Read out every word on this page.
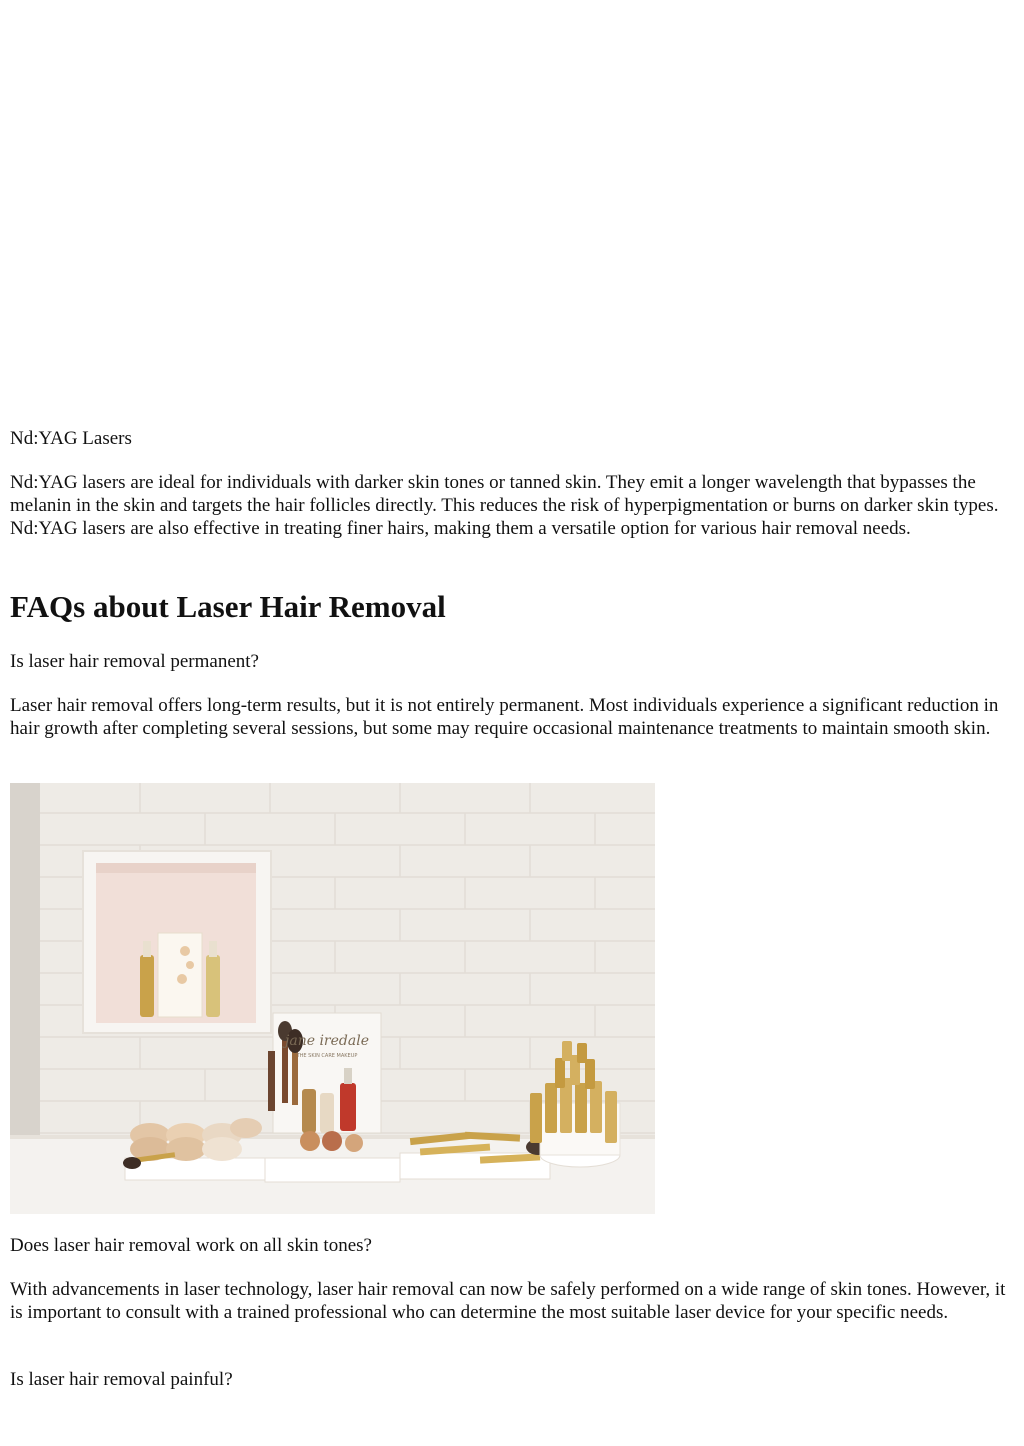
Nd:YAG Lasers

Nd:YAG lasers are ideal for individuals with darker skin tones or tanned skin. They emit a longer wavelength that bypasses the melanin in the skin and targets the hair follicles directly. This reduces the risk of hyperpigmentation or burns on darker skin types. Nd:YAG lasers are also effective in treating finer hairs, making them a versatile option for various hair removal needs.

FAQs about Laser Hair Removal

Is laser hair removal permanent?

Laser hair removal offers long-term results, but it is not entirely permanent. Most individuals experience a significant reduction in hair growth after completing several sessions, but some may require occasional maintenance treatments to maintain smooth skin.

jane iredale
THE SKIN CARE MAKEUP

Does laser hair removal work on all skin tones?

With advancements in laser technology, laser hair removal can now be safely performed on a wide range of skin tones. However, it is important to consult with a trained professional who can determine the most suitable laser device for your specific needs.

Is laser hair removal painful?
